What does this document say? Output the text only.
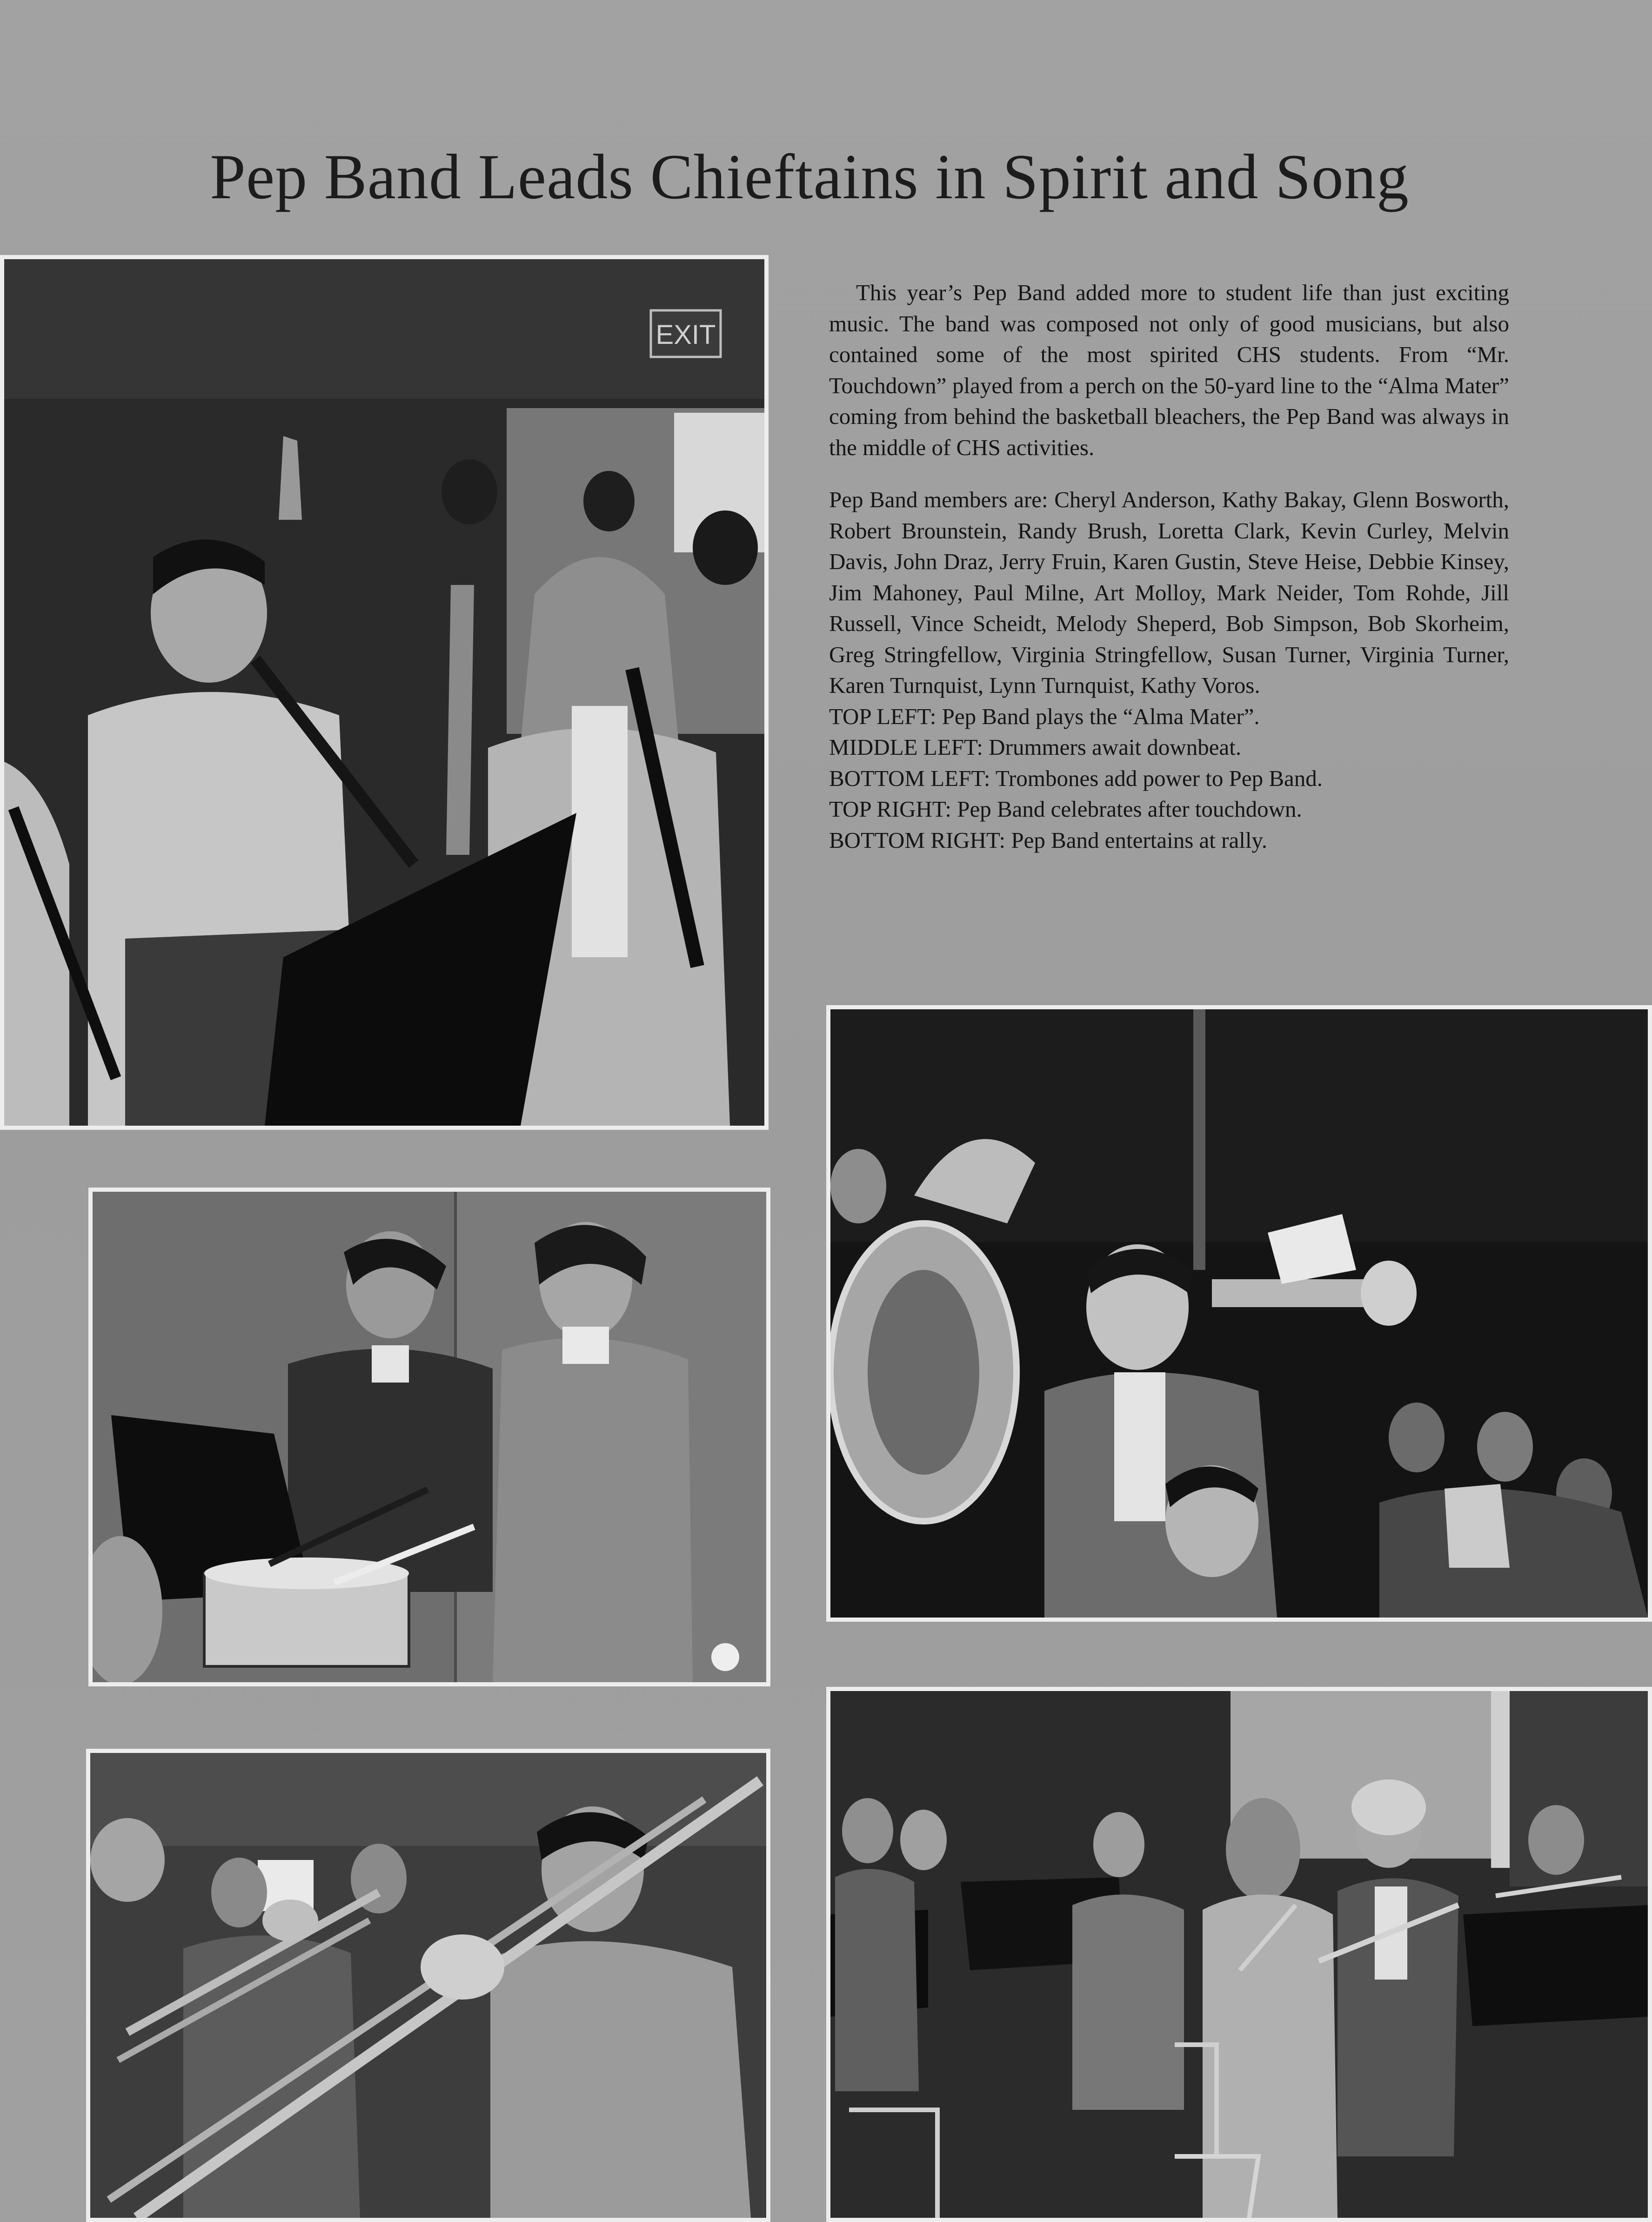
Pep Band Leads Chieftains in Spirit and Song
EXIT

This year’s Pep Band added more to student life than just exciting music. The band was composed not only of good musicians, but also contained some of the most spirited CHS students. From “Mr. Touchdown” played from a perch on the 50-yard line to the “Alma Mater” coming from behind the basketball bleachers, the Pep Band was always in the middle of CHS activities.

Pep Band members are: Cheryl Anderson, Kathy Bakay, Glenn Bosworth, Robert Brounstein, Randy Brush, Loretta Clark, Kevin Curley, Melvin Davis, John Draz, Jerry Fruin, Karen Gustin, Steve Heise, Debbie Kinsey, Jim Mahoney, Paul Milne, Art Molloy, Mark Neider, Tom Rohde, Jill Russell, Vince Scheidt, Melody Sheperd, Bob Simpson, Bob Skorheim, Greg Stringfellow, Virginia Stringfellow, Susan Turner, Virginia Turner, Karen Turnquist, Lynn Turnquist, Kathy Voros.

TOP LEFT: Pep Band plays the “Alma Mater”.
MIDDLE LEFT: Drummers await downbeat.
BOTTOM LEFT: Trombones add power to Pep Band.
TOP RIGHT: Pep Band celebrates after touchdown.
BOTTOM RIGHT: Pep Band entertains at rally.
